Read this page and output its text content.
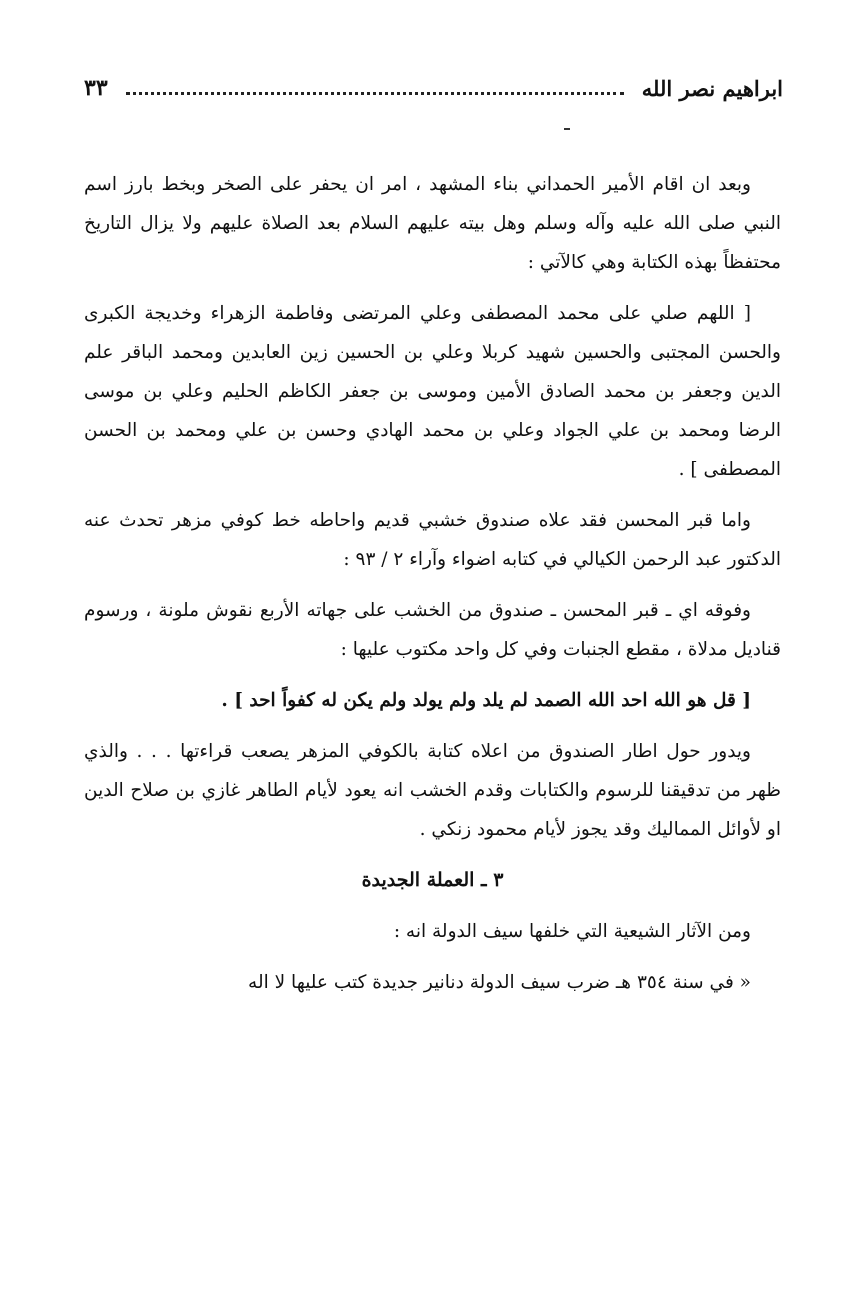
ابراهيم نصر الله
٣٣

وبعد ان اقام الأمير الحمداني بناء المشهد ، امر ان يحفر على الصخر وبخط بارز اسم النبي صلى الله عليه وآله وسلم وهل بيته عليهم السلام بعد الصلاة عليهم ولا يزال التاريخ محتفظاً بهذه الكتابة وهي كالآتي :

[ اللهم صلي على محمد المصطفى وعلي المرتضى وفاطمة الزهراء وخديجة الكبرى والحسن المجتبى والحسين شهيد كربلا وعلي بن الحسين زين العابدين ومحمد الباقر علم الدين وجعفر بن محمد الصادق الأمين وموسى بن جعفر الكاظم الحليم وعلي بن موسى الرضا ومحمد بن علي الجواد وعلي بن محمد الهادي وحسن بن علي ومحمد بن الحسن المصطفى ] .

واما قبر المحسن فقد علاه صندوق خشبي قديم واحاطه خط كوفي مزهر تحدث عنه الدكتور عبد الرحمن الكيالي في كتابه اضواء وآراء ٢ / ٩٣ :

وفوقه اي ـ قبر المحسن ـ صندوق من الخشب على جهاته الأربع نقوش ملونة ، ورسوم قناديل مدلاة ، مقطع الجنبات وفي كل واحد مكتوب عليها :

[ قل هو الله احد الله الصمد لم يلد ولم يولد ولم يكن له كفواً احد ] .

ويدور حول اطار الصندوق من اعلاه كتابة بالكوفي المزهر يصعب قراءتها . . . والذي ظهر من تدقيقنا للرسوم والكتابات وقدم الخشب انه يعود لأيام الطاهر غازي بن صلاح الدين او لأوائل المماليك وقد يجوز لأيام محمود زنكي .

٣ ـ العملة الجديدة

ومن الآثار الشيعية التي خلفها سيف الدولة انه :

« في سنة ٣٥٤ هـ ضرب سيف الدولة دنانير جديدة كتب عليها لا اله
